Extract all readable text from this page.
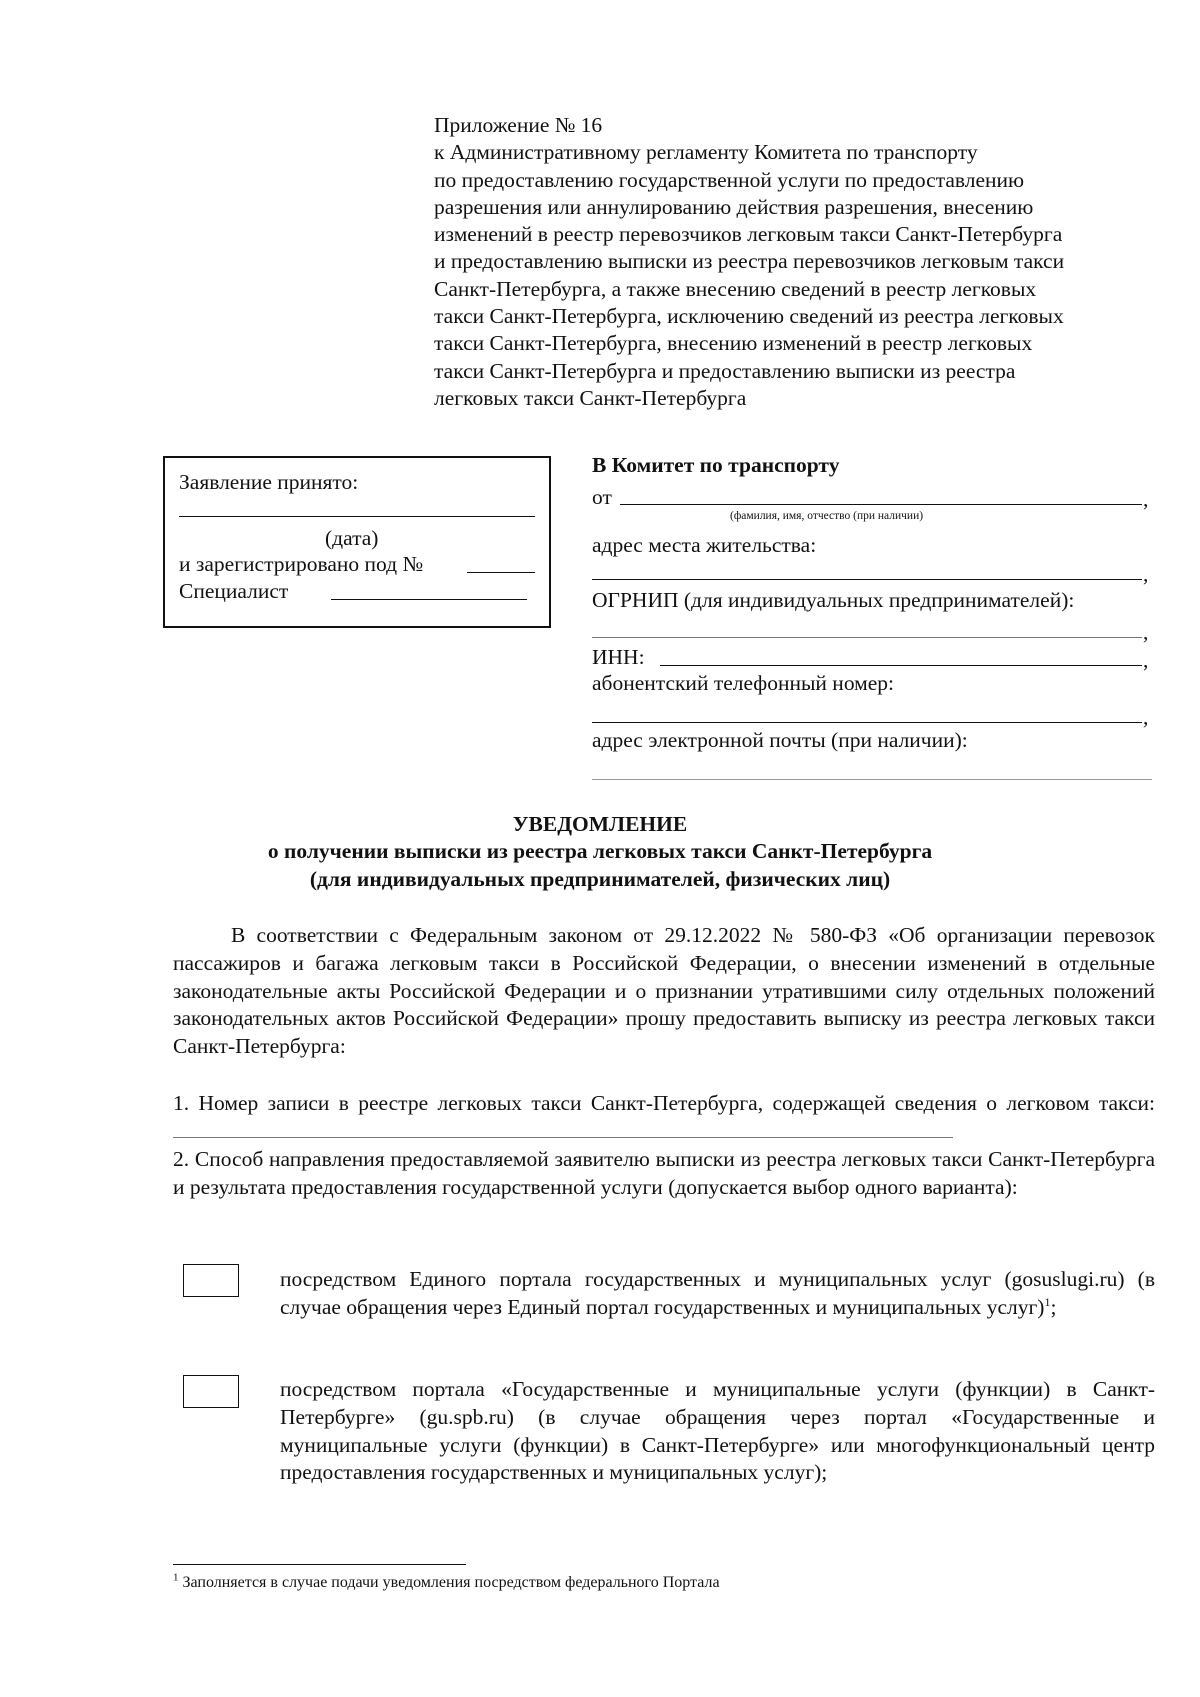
Приложение № 16
к Административному регламенту Комитета по транспорту
по предоставлению государственной услуги по предоставлению
разрешения или аннулированию действия разрешения, внесению
изменений в реестр перевозчиков легковым такси Санкт-Петербурга
и предоставлению выписки из реестра перевозчиков легковым такси
Санкт-Петербурга, а также внесению сведений в реестр легковых
такси Санкт-Петербурга, исключению сведений из реестра легковых
такси Санкт-Петербурга, внесению изменений в реестр легковых
такси Санкт-Петербурга и предоставлению выписки из реестра
легковых такси Санкт-Петербурга
Заявление принято:
(дата)
и зарегистрировано под №
Специалист
В Комитет по транспорту
от	,
(фамилия, имя, отчество (при наличии)
адрес места жительства:
,
ОГРНИП (для индивидуальных предпринимателей):
,
ИНН:	,
абонентский телефонный номер:
,
адрес электронной почты (при наличии):
УВЕДОМЛЕНИЕ
о получении выписки из реестра легковых такси Санкт-Петербурга
(для индивидуальных предпринимателей, физических лиц)
В соответствии с Федеральным законом от 29.12.2022 № 580-ФЗ «Об организации перевозок пассажиров и багажа легковым такси в Российской Федерации, о внесении изменений в отдельные законодательные акты Российской Федерации и о признании утратившими силу отдельных положений законодательных актов Российской Федерации» прошу предоставить выписку из реестра легковых такси Санкт-Петербурга:
1. Номер записи в реестре легковых такси Санкт-Петербурга, содержащей сведения о легковом такси:
2. Способ направления предоставляемой заявителю выписки из реестра легковых такси Санкт-Петербурга и результата предоставления государственной услуги (допускается выбор одного варианта):
посредством Единого портала государственных и муниципальных услуг (gosuslugi.ru) (в случае обращения через Единый портал государственных и муниципальных услуг)$^1$;
посредством портала «Государственные и муниципальные услуги (функции) в Санкт-Петербурге» (gu.spb.ru) (в случае обращения через портал «Государственные и муниципальные услуги (функции) в Санкт-Петербурге» или многофункциональный центр предоставления государственных и муниципальных услуг);
$^1$ Заполняется в случае подачи уведомления посредством федерального Портала
